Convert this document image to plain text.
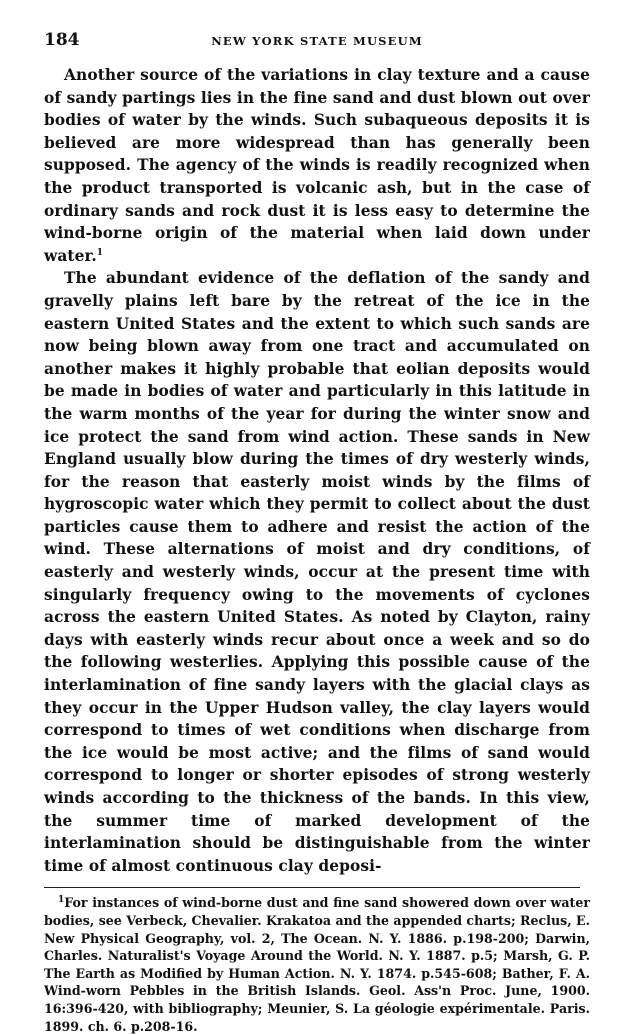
184	NEW YORK STATE MUSEUM

Another source of the variations in clay texture and a cause of sandy partings lies in the fine sand and dust blown out over bodies of water by the winds. Such subaqueous deposits it is believed are more widespread than has generally been supposed. The agency of the winds is readily recognized when the product transported is volcanic ash, but in the case of ordinary sands and rock dust it is less easy to determine the wind-borne origin of the material when laid down under water.$^1$

The abundant evidence of the deflation of the sandy and gravelly plains left bare by the retreat of the ice in the eastern United States and the extent to which such sands are now being blown away from one tract and accumulated on another makes it highly probable that eolian deposits would be made in bodies of water and particularly in this latitude in the warm months of the year for during the winter snow and ice protect the sand from wind action. These sands in New England usually blow during the times of dry westerly winds, for the reason that easterly moist winds by the films of hygroscopic water which they permit to collect about the dust particles cause them to adhere and resist the action of the wind. These alternations of moist and dry conditions, of easterly and westerly winds, occur at the present time with singularly frequency owing to the movements of cyclones across the eastern United States. As noted by Clayton, rainy days with easterly winds recur about once a week and so do the following westerlies. Applying this possible cause of the interlamination of fine sandy layers with the glacial clays as they occur in the Upper Hudson valley, the clay layers would correspond to times of wet conditions when discharge from the ice would be most active; and the films of sand would correspond to longer or shorter episodes of strong westerly winds according to the thickness of the bands. In this view, the summer time of marked development of the interlamination should be distinguishable from the winter time of almost continuous clay deposi-

$^1$For instances of wind-borne dust and fine sand showered down over water bodies, see Verbeck, Chevalier. Krakatoa and the appended charts; Reclus, E. New Physical Geography, vol. 2, The Ocean. N. Y. 1886. p.198-200; Darwin, Charles. Naturalist's Voyage Around the World. N. Y. 1887. p.5; Marsh, G. P. The Earth as Modified by Human Action. N. Y. 1874. p.545-608; Bather, F. A. Wind-worn Pebbles in the British Islands. Geol. Ass'n Proc. June, 1900. 16:396-420, with bibliography; Meunier, S. La géologie expérimentale. Paris. 1899. ch. 6. p.208-16.
